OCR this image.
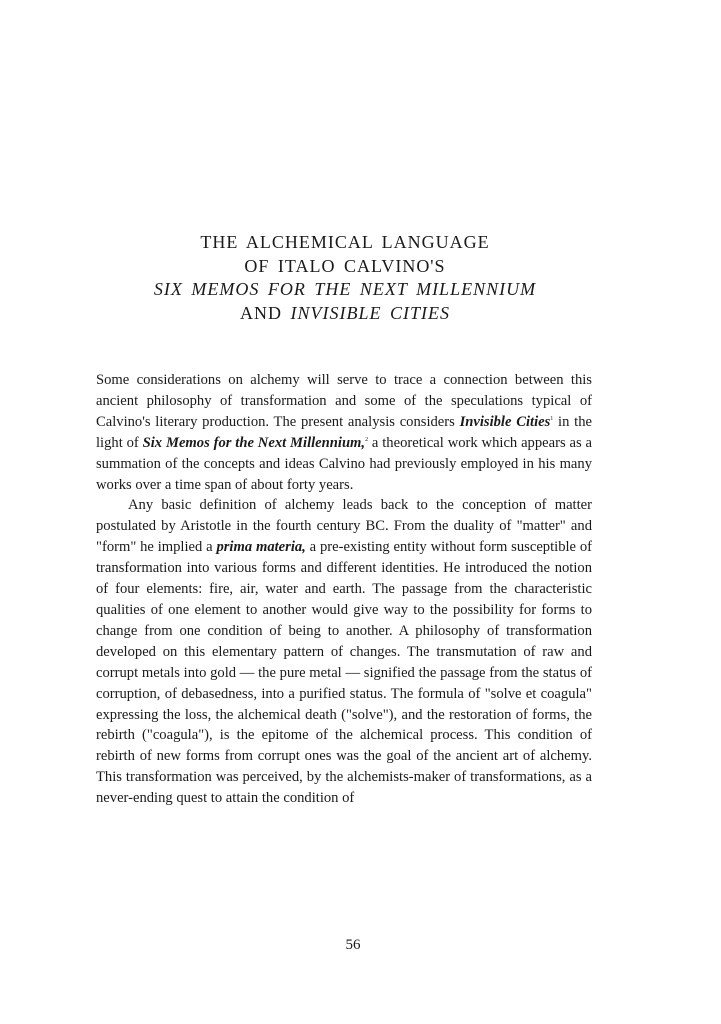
THE ALCHEMICAL LANGUAGE
OF ITALO CALVINO'S
SIX MEMOS FOR THE NEXT MILLENNIUM
AND INVISIBLE CITIES

Some considerations on alchemy will serve to trace a connection between this ancient philosophy of transformation and some of the speculations typical of Calvino's literary production. The present analysis considers Invisible Cities$^1$ in the light of Six Memos for the Next Millennium,$^2$ a theoretical work which appears as a summation of the concepts and ideas Calvino had previously employed in his many works over a time span of about forty years.

Any basic definition of alchemy leads back to the conception of matter postulated by Aristotle in the fourth century BC. From the duality of "matter" and "form" he implied a prima materia, a pre-existing entity without form susceptible of transformation into various forms and different identities. He introduced the notion of four elements: fire, air, water and earth. The passage from the characteristic qualities of one element to another would give way to the possibility for forms to change from one condition of being to another. A philosophy of transformation developed on this elementary pattern of changes. The transmutation of raw and corrupt metals into gold — the pure metal — signified the passage from the status of corruption, of debasedness, into a purified status. The formula of "solve et coagula" expressing the loss, the alchemical death ("solve"), and the restoration of forms, the rebirth ("coagula"), is the epitome of the alchemical process. This condition of rebirth of new forms from corrupt ones was the goal of the ancient art of alchemy. This transformation was perceived, by the alchemists-maker of transformations, as a never-ending quest to attain the condition of

56
